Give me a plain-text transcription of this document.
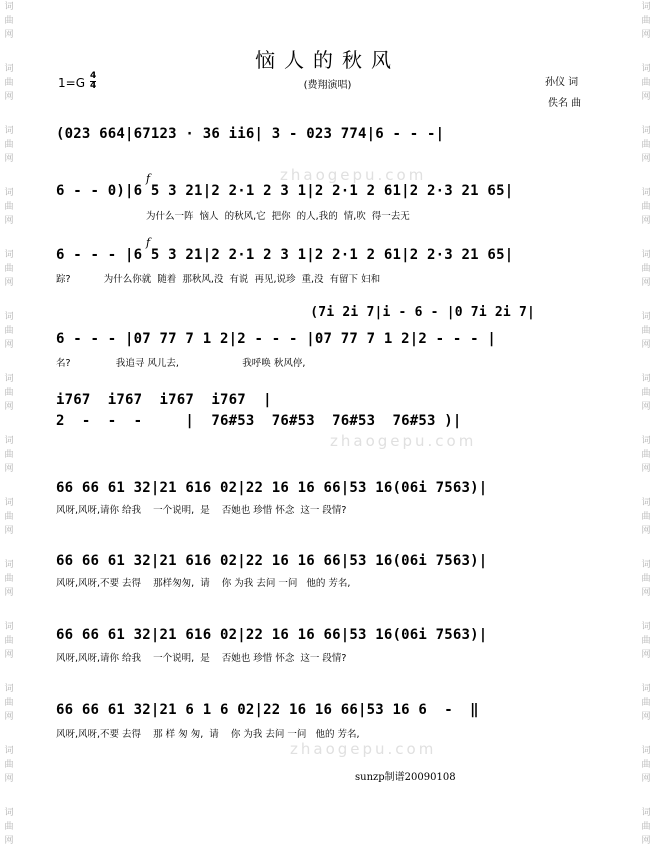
词
曲
网
词
曲
网
词
曲
网
词
曲
网
词
曲
网
词
曲
网
词
曲
网
词
曲
网
词
曲
网
词
曲
网
词
曲
网
词
曲
网
词
曲
网
词
曲
网
词
曲
网
词
曲
网
词
曲
网
词
曲
网
词
曲
网
词
曲
网
词
曲
网
词
曲
网
词
曲
网
词
曲
网
词
曲
网
词
曲
网
词
曲
网
词
曲
网
恼人的秋风
(费翔演唱)
1=G 4
4	孙仪 词
佚名 曲
f
f
(023 664|67123 · 36 ii6| 3 - 023 774|6 - - -|
6 - - 0)|6 5 3 21|2 2·1 2 3 1|2 2·1 2 61|2 2·3 21 65|
为什么一阵  恼人  的秋风,它  把你  的人,我的  情,吹  得一去无
6 - - - |6 5 3 21|2 2·1 2 3 1|2 2·1 2 61|2 2·3 21 65|
踪?           为什么你就  随着  那秋风,没  有说  再见,说珍  重,没  有留下 妇和
(7i 2i 7|i - 6 - |0 7i 2i 7|
6 - - - |07 77 7 1 2|2 - - - |07 77 7 1 2|2 - - - |
名?               我追寻 风儿去,                     我呼唤 秋风停,
i767  i767  i767  i767  |
2  -  -  -     |  76#53  76#53  76#53  76#53 )|
66 66 61 32|21 616 02|22 16 16 66|53 16(06i 7563)|
风呀,风呀,请你 给我    一个说明,  是    否她也 珍惜 怀念  这一 段情?
66 66 61 32|21 616 02|22 16 16 66|53 16(06i 7563)|
风呀,风呀,不要 去得    那样匆匆,  请    你 为我 去问 一问   他的 芳名,
66 66 61 32|21 616 02|22 16 16 66|53 16(06i 7563)|
风呀,风呀,请你 给我    一个说明,  是    否她也 珍惜 怀念  这一 段情?
66 66 61 32|21 6 1 6 02|22 16 16 66|53 16 6  -  ‖
风呀,风呀,不要 去得    那 样 匆 匆,  请    你 为我 去问 一问   他的 芳名,
zhaogepu.com
zhaogepu.com
zhaogepu.com
sunzp制谱20090108
